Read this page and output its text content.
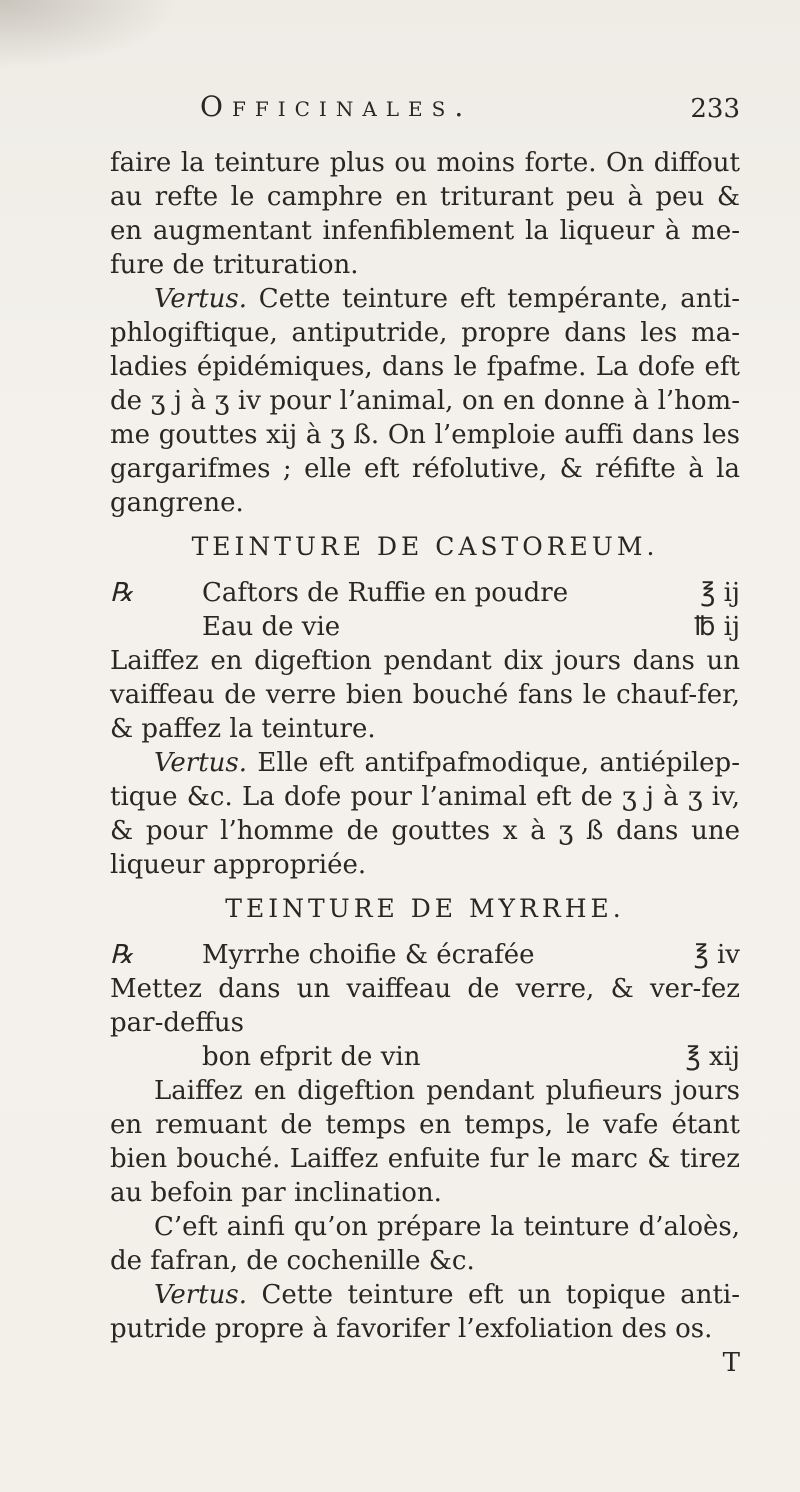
Officinales.	233

faire la teinture plus ou moins forte. On diffout au refte le camphre en triturant peu à peu & en augmentant infenfiblement la liqueur à me-fure de trituration.

Vertus. Cette teinture eft tempérante, anti-phlogiftique, antiputride, propre dans les ma-ladies épidémiques, dans le fpafme. La dofe eft de ʒ j à ʒ iv pour l’animal, on en donne à l’hom-me gouttes xij à ʒ ß. On l’emploie auffi dans les gargarifmes ; elle eft réfolutive, & réfifte à la gangrene.

TEINTURE DE CASTOREUM.
℞	Caftors de Ruffie en poudre	℥ ij
Eau de vie	℔ ij

Laiffez en digeftion pendant dix jours dans un vaiffeau de verre bien bouché fans le chauf-fer, & paffez la teinture.

Vertus. Elle eft antifpafmodique, antiépilep-tique &c. La dofe pour l’animal eft de ʒ j à ʒ iv, & pour l’homme de gouttes x à ʒ ß dans une liqueur appropriée.

TEINTURE DE MYRRHE.
℞	Myrrhe choifie & écrafée	℥ iv

Mettez dans un vaiffeau de verre, & ver-fez par-deffus

bon efprit de vin	℥ xij

Laiffez en digeftion pendant plufieurs jours en remuant de temps en temps, le vafe étant bien bouché. Laiffez enfuite fur le marc & tirez au befoin par inclination.

C’eft ainfi qu’on prépare la teinture d’aloès, de fafran, de cochenille &c.

Vertus. Cette teinture eft un topique anti-putride propre à favorifer l’exfoliation des os.

T
